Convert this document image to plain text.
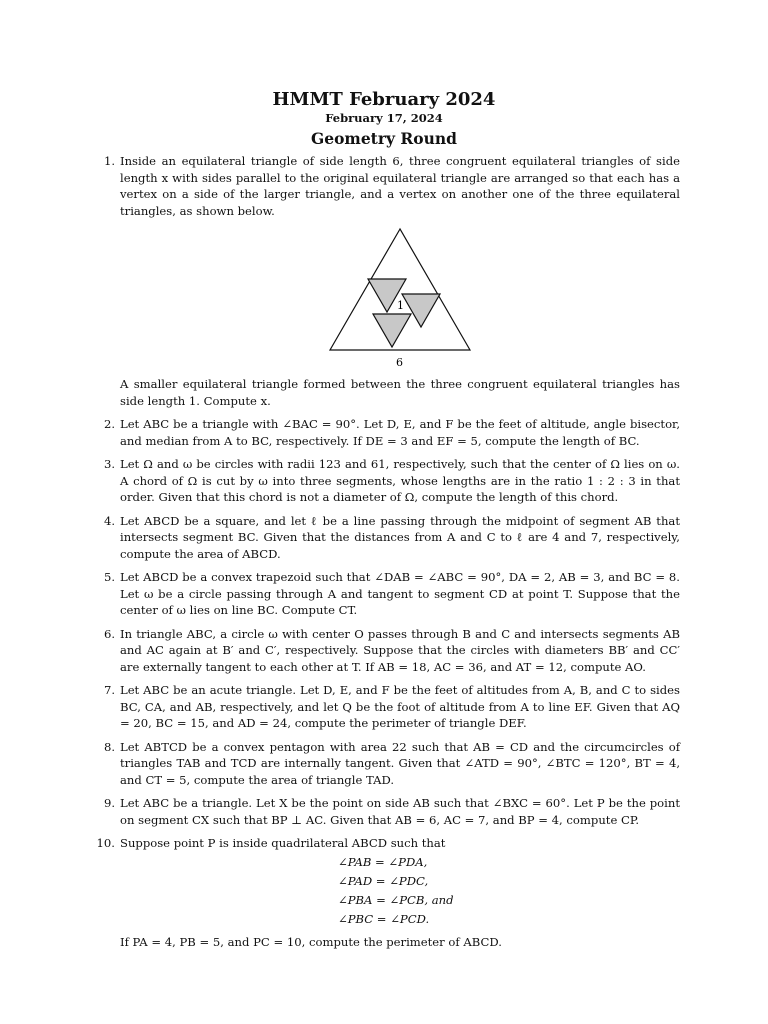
HMMT February 2024
February 17, 2024
Geometry Round
1. Inside an equilateral triangle of side length 6, three congruent equilateral triangles of side length x with sides parallel to the original equilateral triangle are arranged so that each has a vertex on a side of the larger triangle, and a vertex on another one of the three equilateral triangles, as shown below.
1
6
A smaller equilateral triangle formed between the three congruent equilateral triangles has side length 1. Compute x.
2. Let ABC be a triangle with ∠BAC = 90°. Let D, E, and F be the feet of altitude, angle bisector, and median from A to BC, respectively. If DE = 3 and EF = 5, compute the length of BC.
3. Let Ω and ω be circles with radii 123 and 61, respectively, such that the center of Ω lies on ω. A chord of Ω is cut by ω into three segments, whose lengths are in the ratio 1 : 2 : 3 in that order. Given that this chord is not a diameter of Ω, compute the length of this chord.
4. Let ABCD be a square, and let ℓ be a line passing through the midpoint of segment AB that intersects segment BC. Given that the distances from A and C to ℓ are 4 and 7, respectively, compute the area of ABCD.
5. Let ABCD be a convex trapezoid such that ∠DAB = ∠ABC = 90°, DA = 2, AB = 3, and BC = 8. Let ω be a circle passing through A and tangent to segment CD at point T. Suppose that the center of ω lies on line BC. Compute CT.
6. In triangle ABC, a circle ω with center O passes through B and C and intersects segments AB and AC again at B′ and C′, respectively. Suppose that the circles with diameters BB′ and CC′ are externally tangent to each other at T. If AB = 18, AC = 36, and AT = 12, compute AO.
7. Let ABC be an acute triangle. Let D, E, and F be the feet of altitudes from A, B, and C to sides BC, CA, and AB, respectively, and let Q be the foot of altitude from A to line EF. Given that AQ = 20, BC = 15, and AD = 24, compute the perimeter of triangle DEF.
8. Let ABTCD be a convex pentagon with area 22 such that AB = CD and the circumcircles of triangles TAB and TCD are internally tangent. Given that ∠ATD = 90°, ∠BTC = 120°, BT = 4, and CT = 5, compute the area of triangle TAD.
9. Let ABC be a triangle. Let X be the point on side AB such that ∠BXC = 60°. Let P be the point on segment CX such that BP ⊥ AC. Given that AB = 6, AC = 7, and BP = 4, compute CP.
10. Suppose point P is inside quadrilateral ABCD such that
∠PAB = ∠PDA,
∠PAD = ∠PDC,
∠PBA = ∠PCB, and
∠PBC = ∠PCD.
If PA = 4, PB = 5, and PC = 10, compute the perimeter of ABCD.
